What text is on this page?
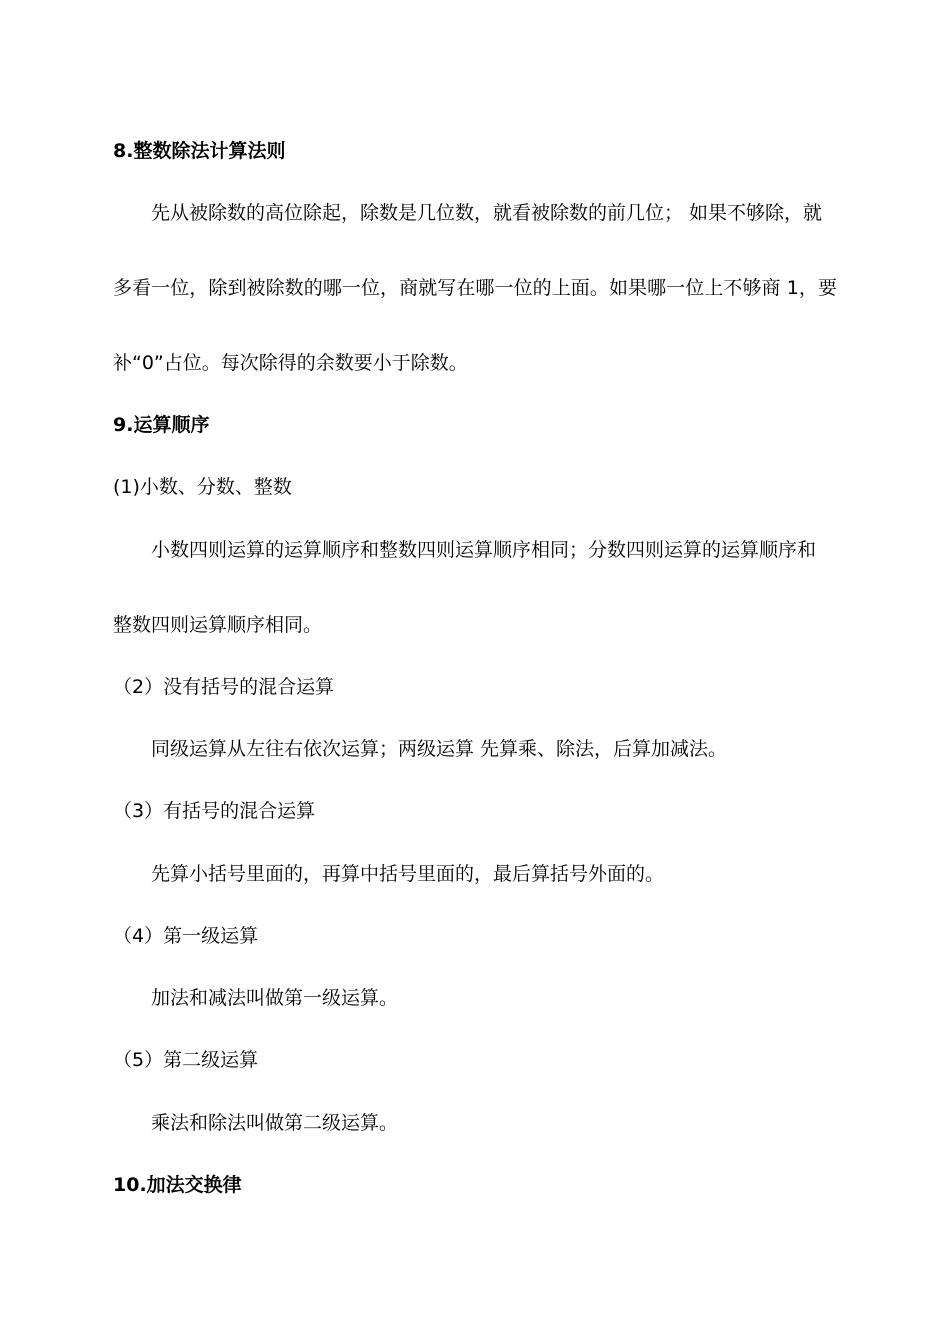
8.整数除法计算法则
先从被除数的高位除起，除数是几位数，就看被除数的前几位； 如果不够除，就
多看一位，除到被除数的哪一位，商就写在哪一位的上面。如果哪一位上不够商 1，要
补“0”占位。每次除得的余数要小于除数。
9.运算顺序
(1)小数、分数、整数
小数四则运算的运算顺序和整数四则运算顺序相同；分数四则运算的运算顺序和
整数四则运算顺序相同。
（2）没有括号的混合运算
同级运算从左往右依次运算；两级运算 先算乘、除法，后算加减法。
（3）有括号的混合运算
先算小括号里面的，再算中括号里面的，最后算括号外面的。
（4）第一级运算
加法和减法叫做第一级运算。
（5）第二级运算
乘法和除法叫做第二级运算。
10.加法交换律
